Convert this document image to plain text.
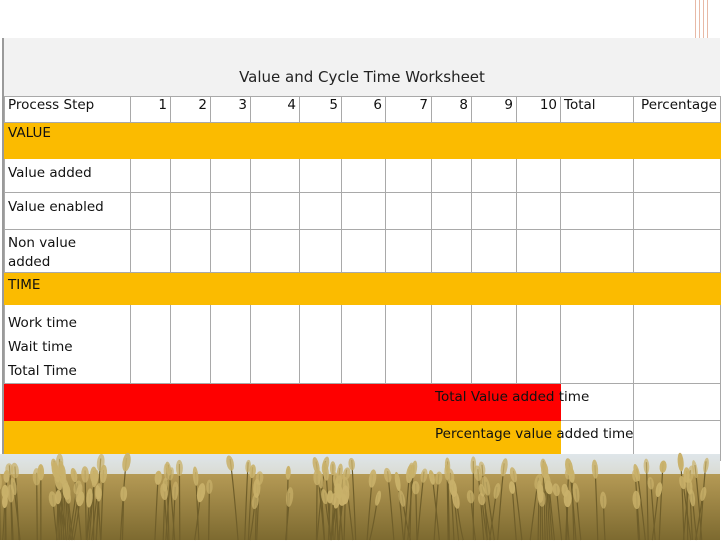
Value and Cycle Time Worksheet
Process Step	1	2	3	4	5	6	7	8	9	10	Total	Percentage
VALUE												
Value added												
Value enabled												

Non value added												

TIME												

Work time
Wait time
Total Time												

								Total Value added time				

								Percentage value added time				
